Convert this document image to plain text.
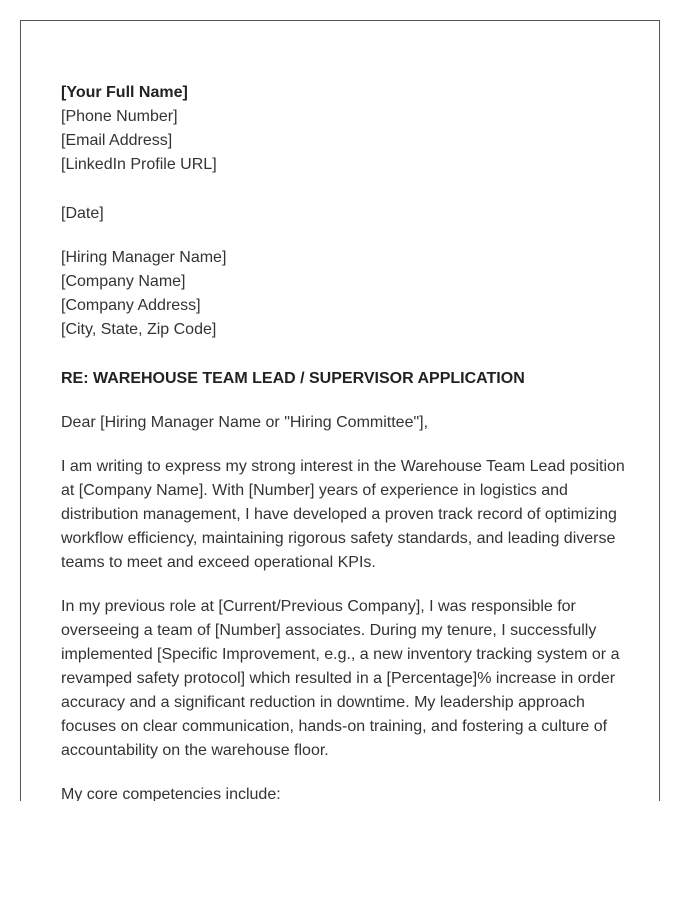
[Your Full Name]
[Phone Number]
[Email Address]
[LinkedIn Profile URL]
[Date]
[Hiring Manager Name]
[Company Name]
[Company Address]
[City, State, Zip Code]
RE: WAREHOUSE TEAM LEAD / SUPERVISOR APPLICATION

Dear [Hiring Manager Name or "Hiring Committee"],

I am writing to express my strong interest in the Warehouse Team Lead position at [Company Name]. With [Number] years of experience in logistics and distribution management, I have developed a proven track record of optimizing workflow efficiency, maintaining rigorous safety standards, and leading diverse teams to meet and exceed operational KPIs.

In my previous role at [Current/Previous Company], I was responsible for overseeing a team of [Number] associates. During my tenure, I successfully implemented [Specific Improvement, e.g., a new inventory tracking system or a revamped safety protocol] which resulted in a [Percentage]% increase in order accuracy and a significant reduction in downtime. My leadership approach focuses on clear communication, hands-on training, and fostering a culture of accountability on the warehouse floor.

My core competencies include:
